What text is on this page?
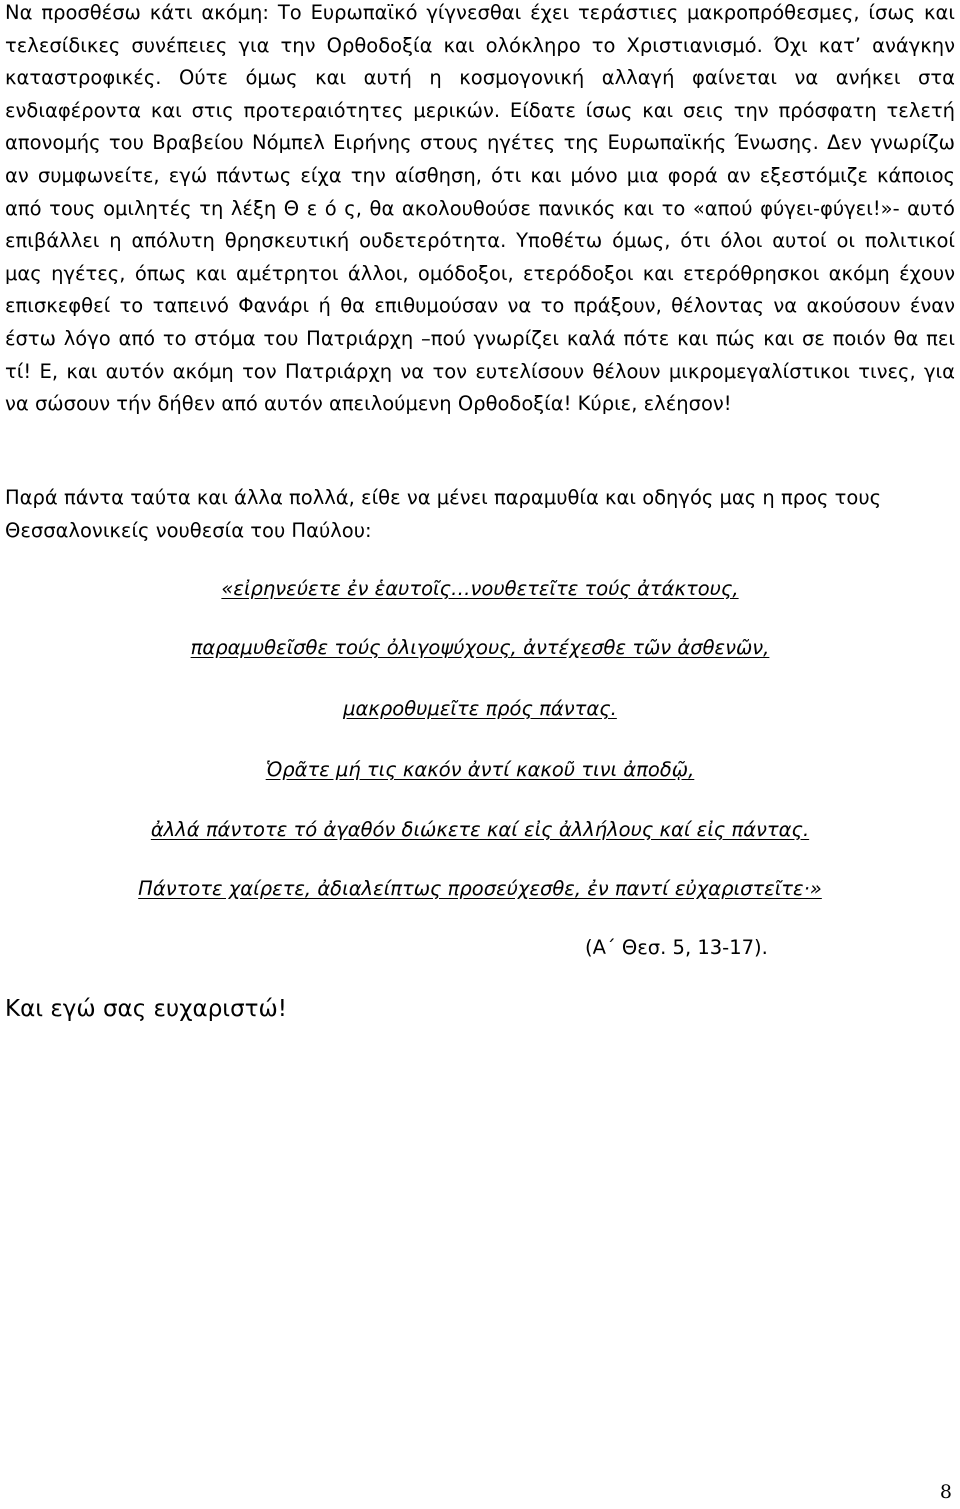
Να προσθέσω κάτι ακόμη: Το Ευρωπαϊκό γίγνεσθαι έχει τεράστιες μακροπρόθεσμες, ίσως και τελεσίδικες συνέπειες για την Ορθοδοξία και ολόκληρο το Χριστιανισμό. Όχι κατ’ ανάγκην καταστροφικές. Ούτε όμως και αυτή η κοσμογονική αλλαγή φαίνεται να ανήκει στα ενδιαφέροντα και στις προτεραιότητες μερικών. Είδατε ίσως και σεις την πρόσφατη τελετή απονομής του Βραβείου Νόμπελ Ειρήνης στους ηγέτες της Ευρωπαϊκής Ένωσης. Δεν γνωρίζω αν συμφωνείτε, εγώ πάντως είχα την αίσθηση, ότι και μόνο μια φορά αν εξεστόμιζε κάποιος από τους ομιλητές τη λέξη Θ ε ό ς, θα ακολουθούσε πανικός και το «απού φύγει-φύγει!»- αυτό επιβάλλει η απόλυτη θρησκευτική ουδετερότητα. Υποθέτω όμως, ότι όλοι αυτοί οι πολιτικοί μας ηγέτες, όπως και αμέτρητοι άλλοι, ομόδοξοι, ετερόδοξοι και ετερόθρησκοι ακόμη έχουν επισκεφθεί το ταπεινό Φανάρι ή θα επιθυμούσαν να το πράξουν, θέλοντας να ακούσουν έναν έστω λόγο από το στόμα του Πατριάρχη –πού γνωρίζει καλά πότε και πώς και σε ποιόν θα πει τί! Ε, και αυτόν ακόμη τον Πατριάρχη να τον ευτελίσουν θέλουν μικρομεγαλίστικοι τινες, για να σώσουν τήν δήθεν από αυτόν απειλούμενη Ορθοδοξία! Κύριε, ελέησον!

Παρά πάντα ταύτα και άλλα πολλά, είθε να μένει παραμυθία και οδηγός μας η προς τους Θεσσαλονικείς νουθεσία του Παύλου:

«εἰρηνεύετε ἐν ἑαυτοῖς…νουθετεῖτε τούς ἀτάκτους,

παραμυθεῖσθε τούς ὀλιγοψύχους, ἀντέχεσθε τῶν ἀσθενῶν,

μακροθυμεῖτε πρός πάντας.

Ὁρᾶτε μή τις κακόν ἀντί κακοῦ τινι ἀποδῷ,

ἀλλά πάντοτε τό ἀγαθόν διώκετε καί εἰς ἀλλήλους καί εἰς πάντας.

Πάντοτε χαίρετε, ἀδιαλείπτως προσεύχεσθε, ἐν παντί εὐχαριστεῖτε·»

(Α΄ Θεσ. 5, 13-17).

Και εγώ σας ευχαριστώ!

8
